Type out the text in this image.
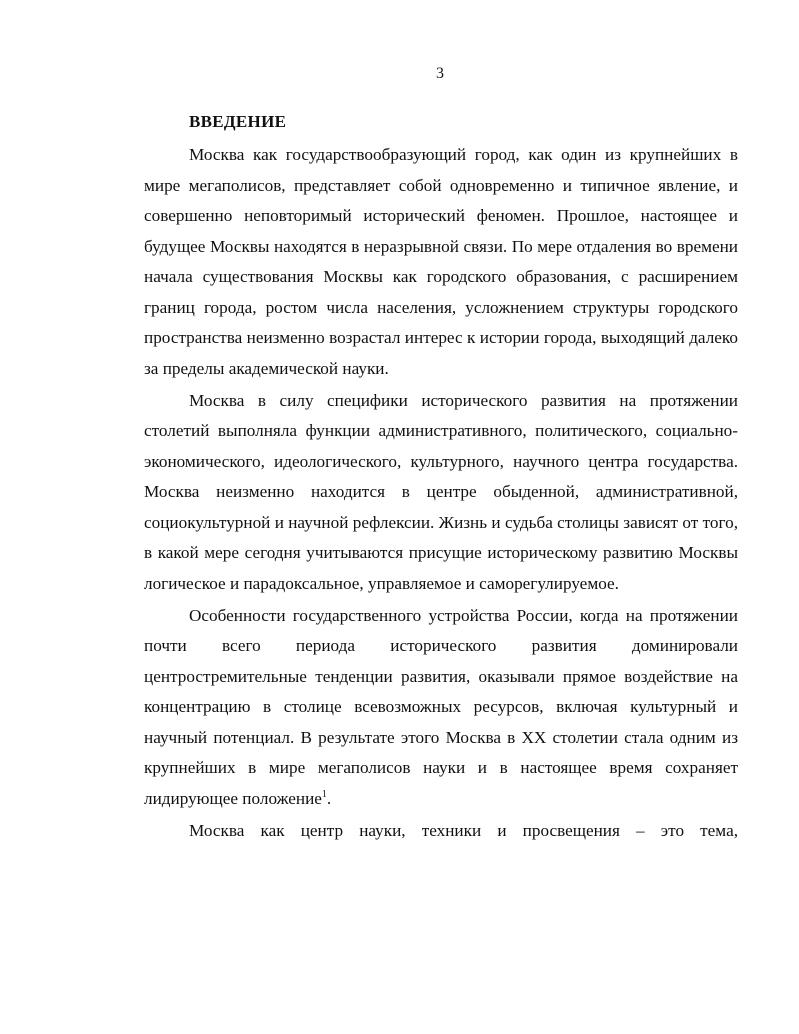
3
ВВЕДЕНИЕ

Москва как государствообразующий город, как один из крупнейших в мире мегаполисов, представляет собой одновременно и типичное явление, и совершенно неповторимый исторический феномен. Прошлое, настоящее и будущее Москвы находятся в неразрывной связи. По мере отдаления во времени начала существования Москвы как городского образования, с расширением границ города, ростом числа населения, усложнением структуры городского пространства неизменно возрастал интерес к истории города, выходящий далеко за пределы академической науки.

Москва в силу специфики исторического развития на протяжении столетий выполняла функции административного, политического, социально-экономического, идеологического, культурного, научного центра государства. Москва неизменно находится в центре обыденной, административной, социокультурной и научной рефлексии. Жизнь и судьба столицы зависят от того, в какой мере сегодня учитываются присущие историческому развитию Москвы логическое и парадоксальное, управляемое и саморегулируемое.

Особенности государственного устройства России, когда на протяжении почти всего периода исторического развития доминировали центростремительные тенденции развития, оказывали прямое воздействие на концентрацию в столице всевозможных ресурсов, включая культурный и научный потенциал. В результате этого Москва в XX столетии стала одним из крупнейших в мире мегаполисов науки и в настоящее время сохраняет лидирующее положение$^1$.

Москва как центр науки, техники и просвещения – это тема,
